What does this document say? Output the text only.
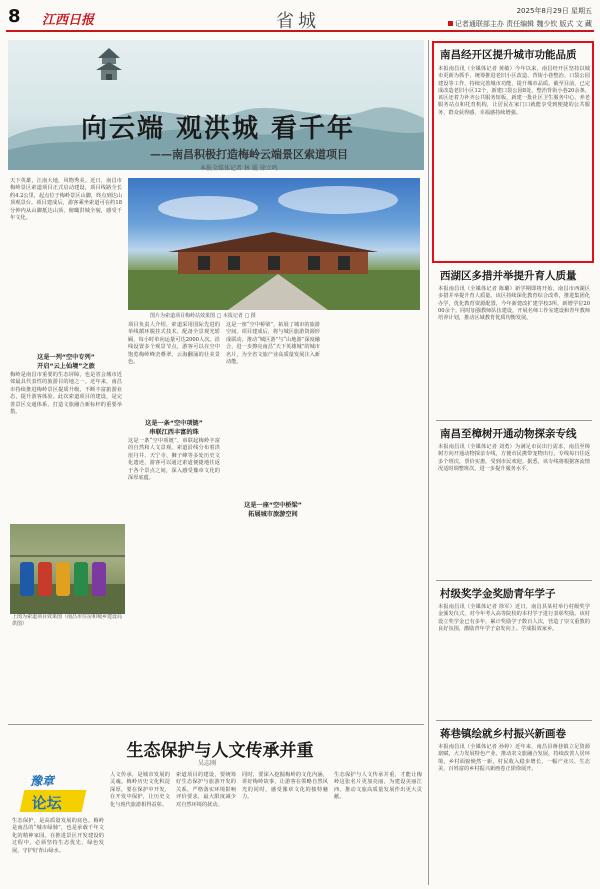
8 江西日报	省城	2025年8月29日 星期五
记者通联部主办 责任编辑 魏少钦 版式 文 藏
向云端 观洪城 看千年
——南昌积极打造梅岭云端景区索道项目
本报全媒体记者 林 璇 徐立鸣
天下英雄，江南大地，风物秀美。近日，南昌市梅岭景区索道项目正式启动建设，项目线路全长约4.2公里，起点位于梅岭景区山脚，终点到达山顶观景台。项目建成后，游客乘坐索道可在约18分钟内从山脚抵达山顶，俯瞰洪城全貌，感受千年文化。
图片为索道项目梅岭站效果图 □ 本报记者 □ 摄
这是一列“空中专列”
开启“云上仙境”之旅
梅岭是南昌市重要的生态屏障，也是省会城市近郊最具代表性的旅游目的地之一。近年来，南昌市持续推进梅岭景区提质升级，不断丰富旅游业态，提升游客体验。此次索道项目的建设，是完善景区交通体系、打造文旅融合新标杆的重要举措。
项目负责人介绍，索道采用国际先进的单线循环脱挂式技术，配备全景观光轿厢，每小时单向运量可达2000人次。沿线设置多个观景节点，游客可以在空中饱览梅岭峰峦叠翠、云海翻涌的壮美景色。
这是一条“空中项链”
串联江西丰富的珠
这是一条“空中项链”，串联起梅岭丰富的自然和人文景观。索道沿线分布着洪崖丹井、天宁寺、狮子峰等多处历史文化遗迹，游客可以通过索道便捷地往返于各个景点之间，深入感受豫章文化的深厚底蕴。
这是一座“空中桥梁”，拓展了城市的旅游空间。项目建成后，将与城区旅游资源形成联动，推动“城区游”与“山地游”深度融合，进一步擦亮南昌“天下英雄城”的城市名片，为全省文旅产业高质量发展注入新动能。
这是一座“空中桥梁”
拓展城市旅游空间
上图为索道项目效果图（南昌市住房和城乡建设局供图）
南昌经开区提升城市功能品质
本报南昌讯（全媒体记者 黄敏）今年以来，南昌经开区坚持以城市更新为抓手，统筹推进老旧小区改造、背街小巷整治、口袋公园建设等工作，持续完善城市功能，提升城市品质。截至目前，已完成改造老旧小区12个，新建口袋公园8处，整治背街小巷20余条。该区还着力补齐公共服务短板，新建一批社区卫生服务中心、养老服务站点和托育机构，让居民在家门口就能享受到便捷的公共服务，群众获得感、幸福感持续增强。
西湖区多措并举提升育人质量
本报南昌讯（全媒体记者 陈璐）新学期即将开始，南昌市西湖区多措并举提升育人质量。该区持续深化教育综合改革，推进集团化办学，优化教育资源配置，今年新建改扩建学校3所，新增学位2000余个。同时加强教师队伍建设，开展名师工作室建设和青年教师培养计划，推动区域教育优质均衡发展。
南昌至樟树开通动物探亲专线
本报南昌讯（全媒体记者 刘勇）为满足市民出行需求，南昌至樟树方向开通动物探亲专线，方便市民携带宠物出行。专线每日往返多个班次，票价实惠，受到市民欢迎。据悉，该专线将根据客流情况适时调整班次，进一步提升服务水平。
村级奖学金奖励青年学子
本报南昌讯（全媒体记者 徐军）近日，南昌县某村举行村级奖学金颁发仪式，对今年考入高等院校的本村学子进行表彰奖励。该村设立奖学金已有多年，累计奖励学子数百人次，营造了崇文重教的良好氛围，激励青年学子奋发向上、学成报效家乡。
蒋巷镇绘就乡村振兴新画卷
本报南昌讯（全媒体记者 孙婷）近年来，南昌县蒋巷镇立足资源禀赋，大力发展特色产业，推动农文旅融合发展，持续改善人居环境，乡村面貌焕然一新，村民收入稳步增长，一幅产业兴、生态美、百姓富的乡村振兴新画卷正徐徐展开。
生态保护与人文传承并重
吴志刚
豫章
论坛
生态保护，是高质量发展的底色。梅岭是南昌的“城市绿肺”，也是承载千年文化的精神家园。在推进景区开发建设的过程中，必须坚持生态优先、绿色发展，守护好青山绿水。
人文传承，是城市发展的灵魂。梅岭历史文化积淀深厚，要在保护中开发，在开发中保护，让历史文化与现代旅游相得益彰。
索道项目的建设，要统筹好生态保护与旅游开发的关系，严格落实环境影响评价要求，最大限度减少对自然环境的扰动。
同时，要深入挖掘梅岭的文化内涵，讲好梅岭故事，让游客在领略自然风光的同时，感受豫章文化的独特魅力。
生态保护与人文传承并重，才能让梅岭这张名片更加亮丽，为建设美丽江西、推动文旅高质量发展作出更大贡献。
